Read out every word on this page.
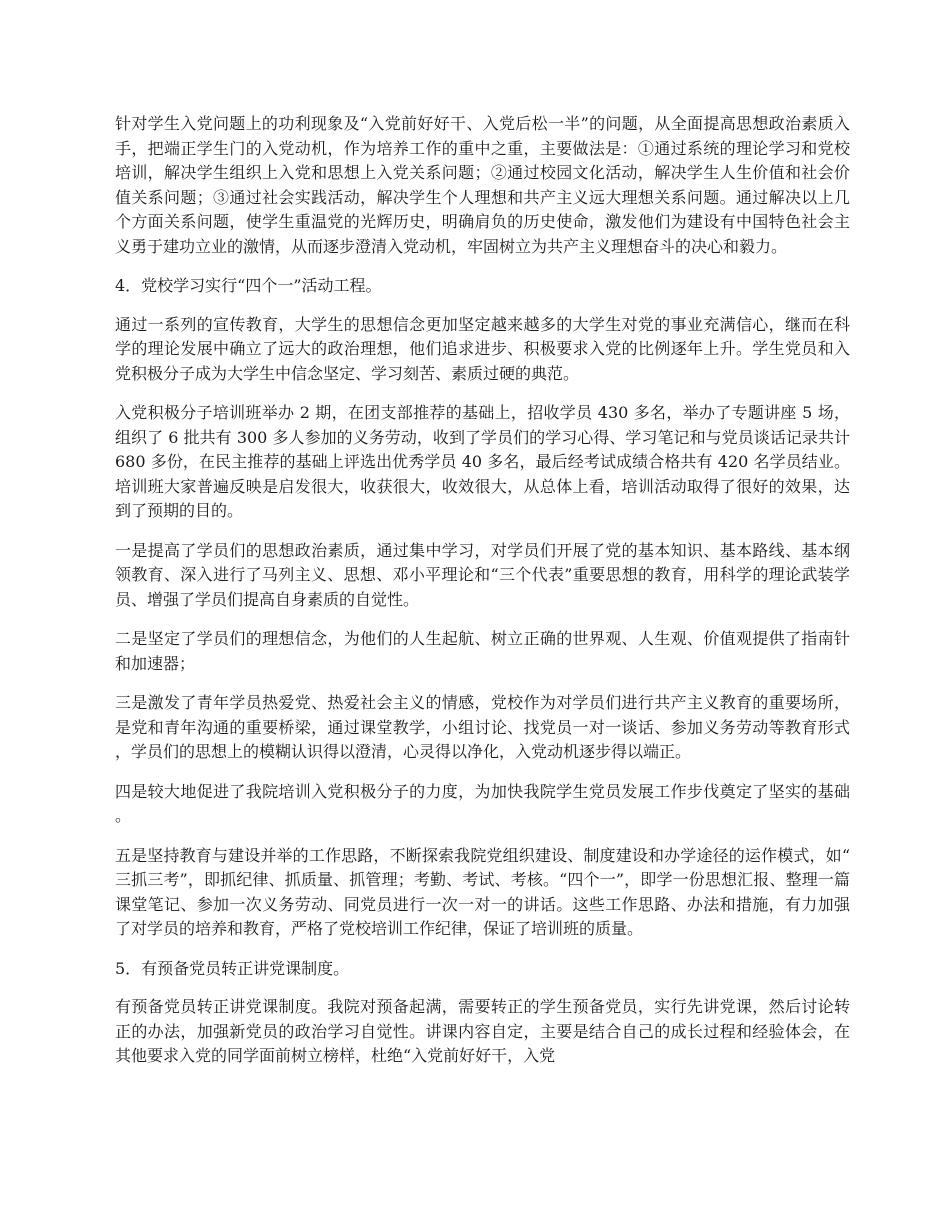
针对学生入党问题上的功利现象及“入党前好好干、入党后松一半”的问题，从全面提高思想政治素质入手，把端正学生门的入党动机，作为培养工作的重中之重，主要做法是：①通过系统的理论学习和党校培训，解决学生组织上入党和思想上入党关系问题；②通过校园文化活动，解决学生人生价值和社会价值关系问题；③通过社会实践活动，解决学生个人理想和共产主义远大理想关系问题。通过解决以上几个方面关系问题，使学生重温党的光辉历史，明确肩负的历史使命，激发他们为建设有中国特色社会主义勇于建功立业的激情，从而逐步澄清入党动机，牢固树立为共产主义理想奋斗的决心和毅力。

4．党校学习实行“四个一”活动工程。

通过一系列的宣传教育，大学生的思想信念更加坚定越来越多的大学生对党的事业充满信心，继而在科学的理论发展中确立了远大的政治理想，他们追求进步、积极要求入党的比例逐年上升。学生党员和入党积极分子成为大学生中信念坚定、学习刻苦、素质过硬的典范。

入党积极分子培训班举办 2 期，在团支部推荐的基础上，招收学员 430 多名，举办了专题讲座 5 场，组织了 6 批共有 300 多人参加的义务劳动，收到了学员们的学习心得、学习笔记和与党员谈话记录共计 680 多份，在民主推荐的基础上评选出优秀学员 40 多名，最后经考试成绩合格共有 420 名学员结业。培训班大家普遍反映是启发很大，收获很大，收效很大，从总体上看，培训活动取得了很好的效果，达到了预期的目的。

一是提高了学员们的思想政治素质，通过集中学习，对学员们开展了党的基本知识、基本路线、基本纲领教育、深入进行了马列主义、思想、邓小平理论和“三个代表”重要思想的教育，用科学的理论武装学员、增强了学员们提高自身素质的自觉性。

二是坚定了学员们的理想信念，为他们的人生起航、树立正确的世界观、人生观、价值观提供了指南针和加速器；

三是激发了青年学员热爱党、热爱社会主义的情感，党校作为对学员们进行共产主义教育的重要场所，是党和青年沟通的重要桥梁，通过课堂教学，小组讨论、找党员一对一谈话、参加义务劳动等教育形式，学员们的思想上的模糊认识得以澄清，心灵得以净化，入党动机逐步得以端正。

四是较大地促进了我院培训入党积极分子的力度，为加快我院学生党员发展工作步伐奠定了坚实的基础。

五是坚持教育与建设并举的工作思路，不断探索我院党组织建设、制度建设和办学途径的运作模式，如“三抓三考”，即抓纪律、抓质量、抓管理；考勤、考试、考核。“四个一”，即学一份思想汇报、整理一篇课堂笔记、参加一次义务劳动、同党员进行一次一对一的讲话。这些工作思路、办法和措施，有力加强了对学员的培养和教育，严格了党校培训工作纪律，保证了培训班的质量。

5．有预备党员转正讲党课制度。

有预备党员转正讲党课制度。我院对预备起满，需要转正的学生预备党员，实行先讲党课，然后讨论转正的办法，加强新党员的政治学习自觉性。讲课内容自定，主要是结合自己的成长过程和经验体会，在其他要求入党的同学面前树立榜样，杜绝“入党前好好干，入党
